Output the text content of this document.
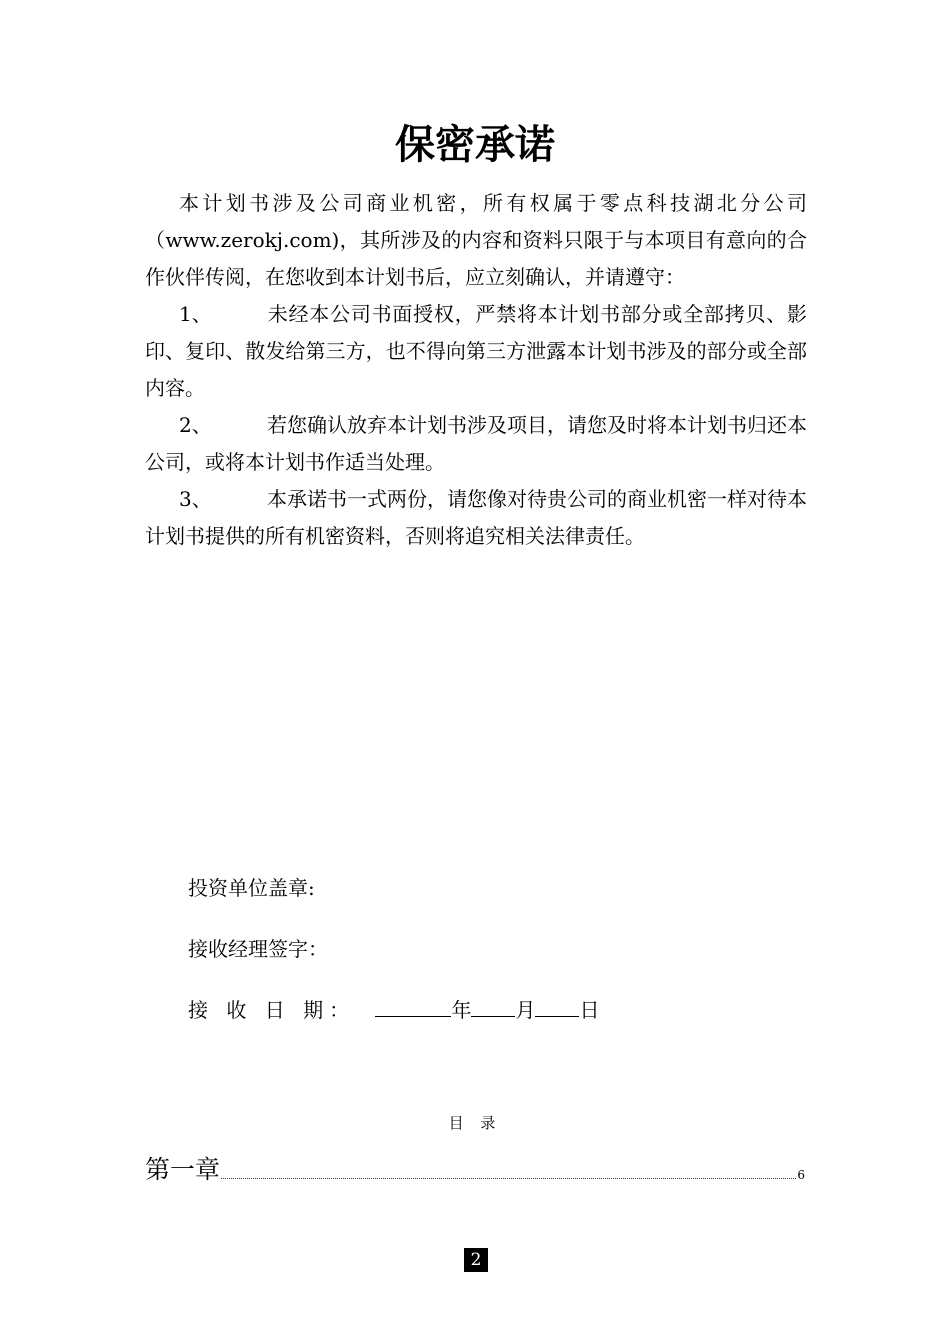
保密承诺

本计划书涉及公司商业机密，所有权属于零点科技湖北分公司（www.zerokj.com)，其所涉及的内容和资料只限于与本项目有意向的合作伙伴传阅，在您收到本计划书后，应立刻确认，并请遵守：

1、	未经本公司书面授权，严禁将本计划书部分或全部拷贝、影印、复印、散发给第三方，也不得向第三方泄露本计划书涉及的部分或全部内容。

2、	若您确认放弃本计划书涉及项目，请您及时将本计划书归还本公司，或将本计划书作适当处理。

3、	本承诺书一式两份，请您像对待贵公司的商业机密一样对待本计划书提供的所有机密资料，否则将追究相关法律责任。

投资单位盖章:
接收经理签字：
接 收 日 期：	年 月 日
目 录
第一章	6
2
